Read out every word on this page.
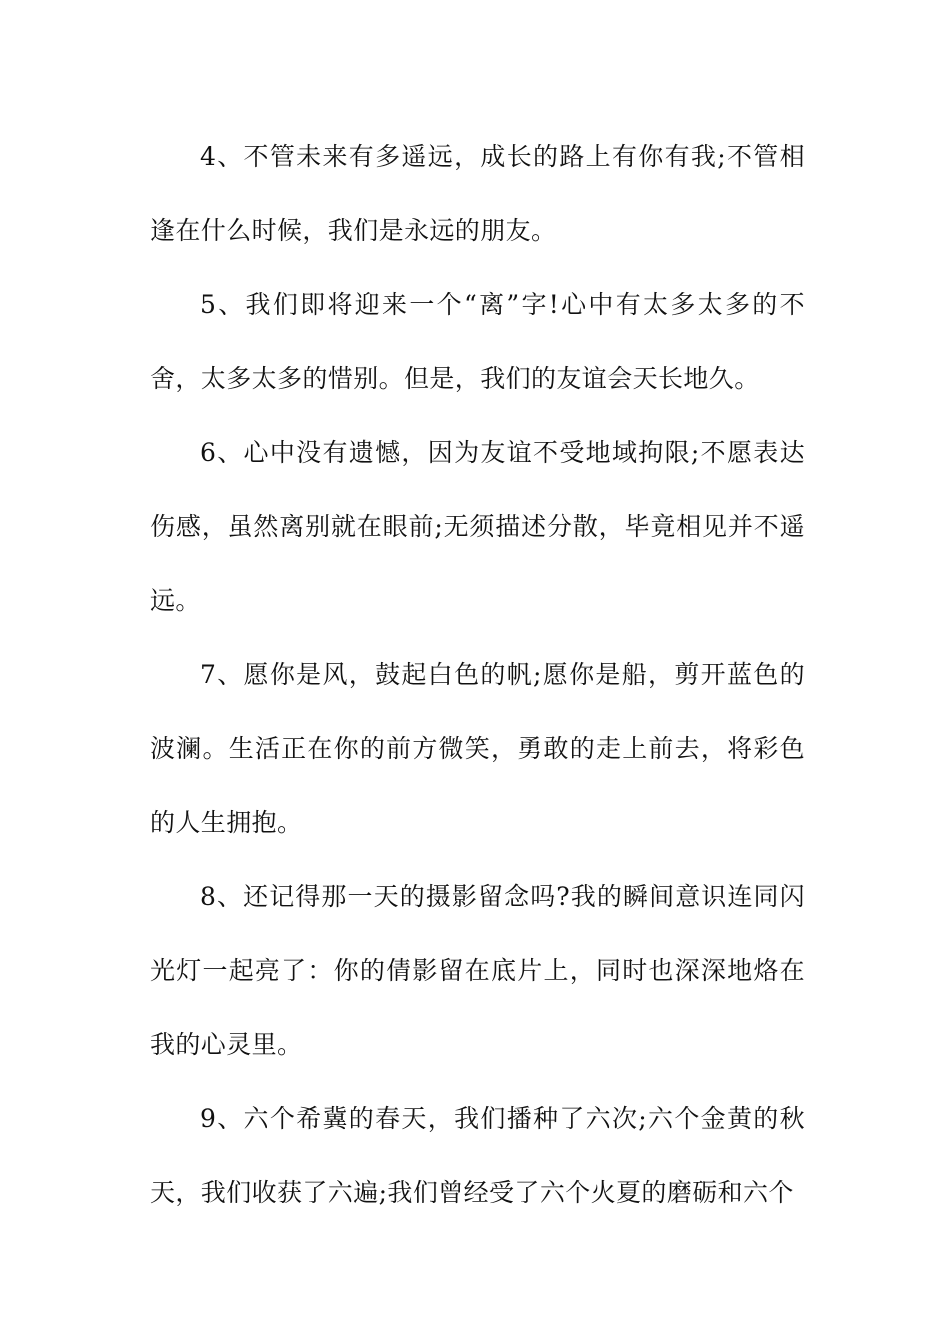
4、不管未来有多遥远，成长的路上有你有我;不管相逢在什么时候，我们是永远的朋友。

5、我们即将迎来一个“离”字!心中有太多太多的不舍，太多太多的惜别。但是，我们的友谊会天长地久。

6、心中没有遗憾，因为友谊不受地域拘限;不愿表达伤感，虽然离别就在眼前;无须描述分散，毕竟相见并不遥远。

7、愿你是风，鼓起白色的帆;愿你是船，剪开蓝色的波澜。生活正在你的前方微笑，勇敢的走上前去，将彩色的人生拥抱。

8、还记得那一天的摄影留念吗?我的瞬间意识连同闪光灯一起亮了：你的倩影留在底片上，同时也深深地烙在我的心灵里。

9、六个希冀的春天，我们播种了六次;六个金黄的秋天，我们收获了六遍;我们曾经受了六个火夏的磨砺和六个
